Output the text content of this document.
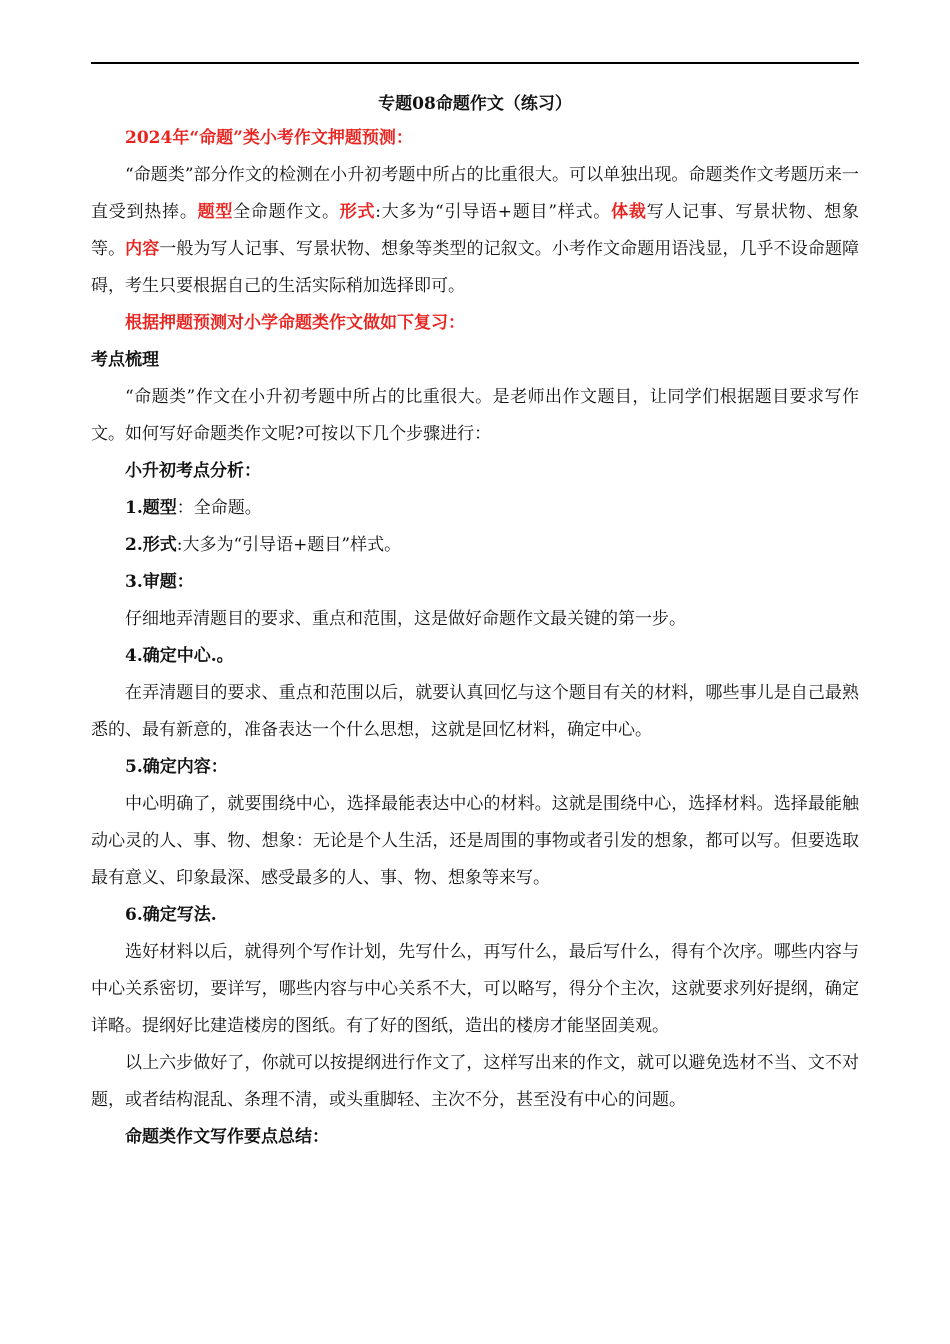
专题08命题作文（练习）

2024年“命题”类小考作文押题预测：

“命题类”部分作文的检测在小升初考题中所占的比重很大。可以单独出现。命题类作文考题历来一直受到热捧。题型全命题作文。形式:大多为“引导语+题目”样式。体裁写人记事、写景状物、想象等。内容一般为写人记事、写景状物、想象等类型的记叙文。小考作文命题用语浅显，几乎不设命题障碍，考生只要根据自己的生活实际稍加选择即可。

根据押题预测对小学命题类作文做如下复习：

考点梳理

“命题类”作文在小升初考题中所占的比重很大。是老师出作文题目，让同学们根据题目要求写作文。如何写好命题类作文呢?可按以下几个步骤进行：

小升初考点分析：

1.题型：全命题。

2.形式:大多为“引导语+题目”样式。

3.审题：

仔细地弄清题目的要求、重点和范围，这是做好命题作文最关键的第一步。

4.确定中心.。

在弄清题目的要求、重点和范围以后，就要认真回忆与这个题目有关的材料，哪些事儿是自己最熟悉的、最有新意的，准备表达一个什么思想，这就是回忆材料，确定中心。

5.确定内容：

中心明确了，就要围绕中心，选择最能表达中心的材料。这就是围绕中心，选择材料。选择最能触动心灵的人、事、物、想象：无论是个人生活，还是周围的事物或者引发的想象，都可以写。但要选取最有意义、印象最深、感受最多的人、事、物、想象等来写。

6.确定写法.

选好材料以后，就得列个写作计划，先写什么，再写什么，最后写什么，得有个次序。哪些内容与中心关系密切，要详写，哪些内容与中心关系不大，可以略写，得分个主次，这就要求列好提纲，确定详略。提纲好比建造楼房的图纸。有了好的图纸，造出的楼房才能坚固美观。

以上六步做好了，你就可以按提纲进行作文了，这样写出来的作文，就可以避免选材不当、文不对题，或者结构混乱、条理不清，或头重脚轻、主次不分，甚至没有中心的问题。

命题类作文写作要点总结：
